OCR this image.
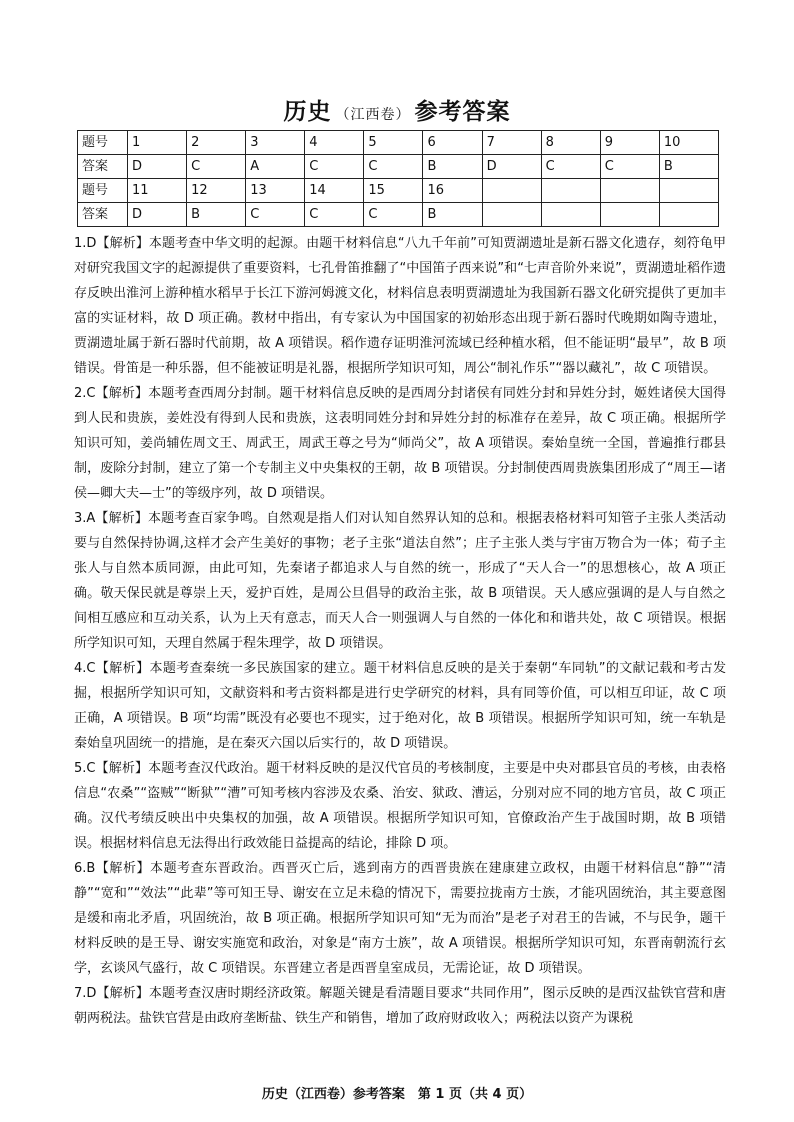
历史 （江西卷） 参考答案
题号	1	2	3	4	5	6	7	8	9	10
答案	D	C	A	C	C	B	D	C	C	B
题号	11	12	13	14	15	16				
答案	D	B	C	C	C	B				

1.D【解析】本题考查中华文明的起源。由题干材料信息“八九千年前”可知贾湖遗址是新石器文化遗存，刻符龟甲对研究我国文字的起源提供了重要资料，七孔骨笛推翻了“中国笛子西来说”和“七声音阶外来说”，贾湖遗址稻作遗存反映出淮河上游种植水稻早于长江下游河姆渡文化，材料信息表明贾湖遗址为我国新石器文化研究提供了更加丰富的实证材料，故 D 项正确。教材中指出，有专家认为中国国家的初始形态出现于新石器时代晚期如陶寺遗址，贾湖遗址属于新石器时代前期，故 A 项错误。稻作遗存证明淮河流域已经种植水稻，但不能证明“最早”，故 B 项错误。骨笛是一种乐器，但不能被证明是礼器，根据所学知识可知，周公“制礼作乐”“器以藏礼”，故 C 项错误。

2.C【解析】本题考查西周分封制。题干材料信息反映的是西周分封诸侯有同姓分封和异姓分封，姬姓诸侯大国得到人民和贵族，姜姓没有得到人民和贵族，这表明同姓分封和异姓分封的标准存在差异，故 C 项正确。根据所学知识可知，姜尚辅佐周文王、周武王，周武王尊之号为“师尚父”，故 A 项错误。秦始皇统一全国，普遍推行郡县制，废除分封制，建立了第一个专制主义中央集权的王朝，故 B 项错误。分封制使西周贵族集团形成了“周王—诸侯—卿大夫—士”的等级序列，故 D 项错误。

3.A【解析】本题考查百家争鸣。自然观是指人们对认知自然界认知的总和。根据表格材料可知管子主张人类活动要与自然保持协调,这样才会产生美好的事物；老子主张“道法自然”；庄子主张人类与宇宙万物合为一体；荀子主张人与自然本质同源，由此可知，先秦诸子都追求人与自然的统一，形成了“天人合一”的思想核心，故 A 项正确。敬天保民就是尊崇上天，爱护百姓，是周公旦倡导的政治主张，故 B 项错误。天人感应强调的是人与自然之间相互感应和互动关系，认为上天有意志，而天人合一则强调人与自然的一体化和和谐共处，故 C 项错误。根据所学知识可知，天理自然属于程朱理学，故 D 项错误。

4.C【解析】本题考查秦统一多民族国家的建立。题干材料信息反映的是关于秦朝“车同轨”的文献记载和考古发掘，根据所学知识可知，文献资料和考古资料都是进行史学研究的材料，具有同等价值，可以相互印证，故 C 项正确，A 项错误。B 项“均需”既没有必要也不现实，过于绝对化，故 B 项错误。根据所学知识可知，统一车轨是秦始皇巩固统一的措施，是在秦灭六国以后实行的，故 D 项错误。

5.C【解析】本题考查汉代政治。题干材料反映的是汉代官员的考核制度，主要是中央对郡县官员的考核，由表格信息“农桑”“盗贼”“断狱”“漕”可知考核内容涉及农桑、治安、狱政、漕运，分别对应不同的地方官员，故 C 项正确。汉代考绩反映出中央集权的加强，故 A 项错误。根据所学知识可知，官僚政治产生于战国时期，故 B 项错误。根据材料信息无法得出行政效能日益提高的结论，排除 D 项。

6.B【解析】本题考查东晋政治。西晋灭亡后，逃到南方的西晋贵族在建康建立政权，由题干材料信息“静”“清静”“宽和”“效法”“此辈”等可知王导、谢安在立足未稳的情况下，需要拉拢南方士族，才能巩固统治，其主要意图是缓和南北矛盾，巩固统治，故 B 项正确。根据所学知识可知“无为而治”是老子对君王的告诫，不与民争，题干材料反映的是王导、谢安实施宽和政治，对象是“南方士族”，故 A 项错误。根据所学知识可知，东晋南朝流行玄学，玄谈风气盛行，故 C 项错误。东晋建立者是西晋皇室成员，无需论证，故 D 项错误。

7.D【解析】本题考查汉唐时期经济政策。解题关键是看清题目要求“共同作用”，图示反映的是西汉盐铁官营和唐朝两税法。盐铁官营是由政府垄断盐、铁生产和销售，增加了政府财政收入；两税法以资产为课税

历史（江西卷）参考答案　第 1 页（共 4 页）
